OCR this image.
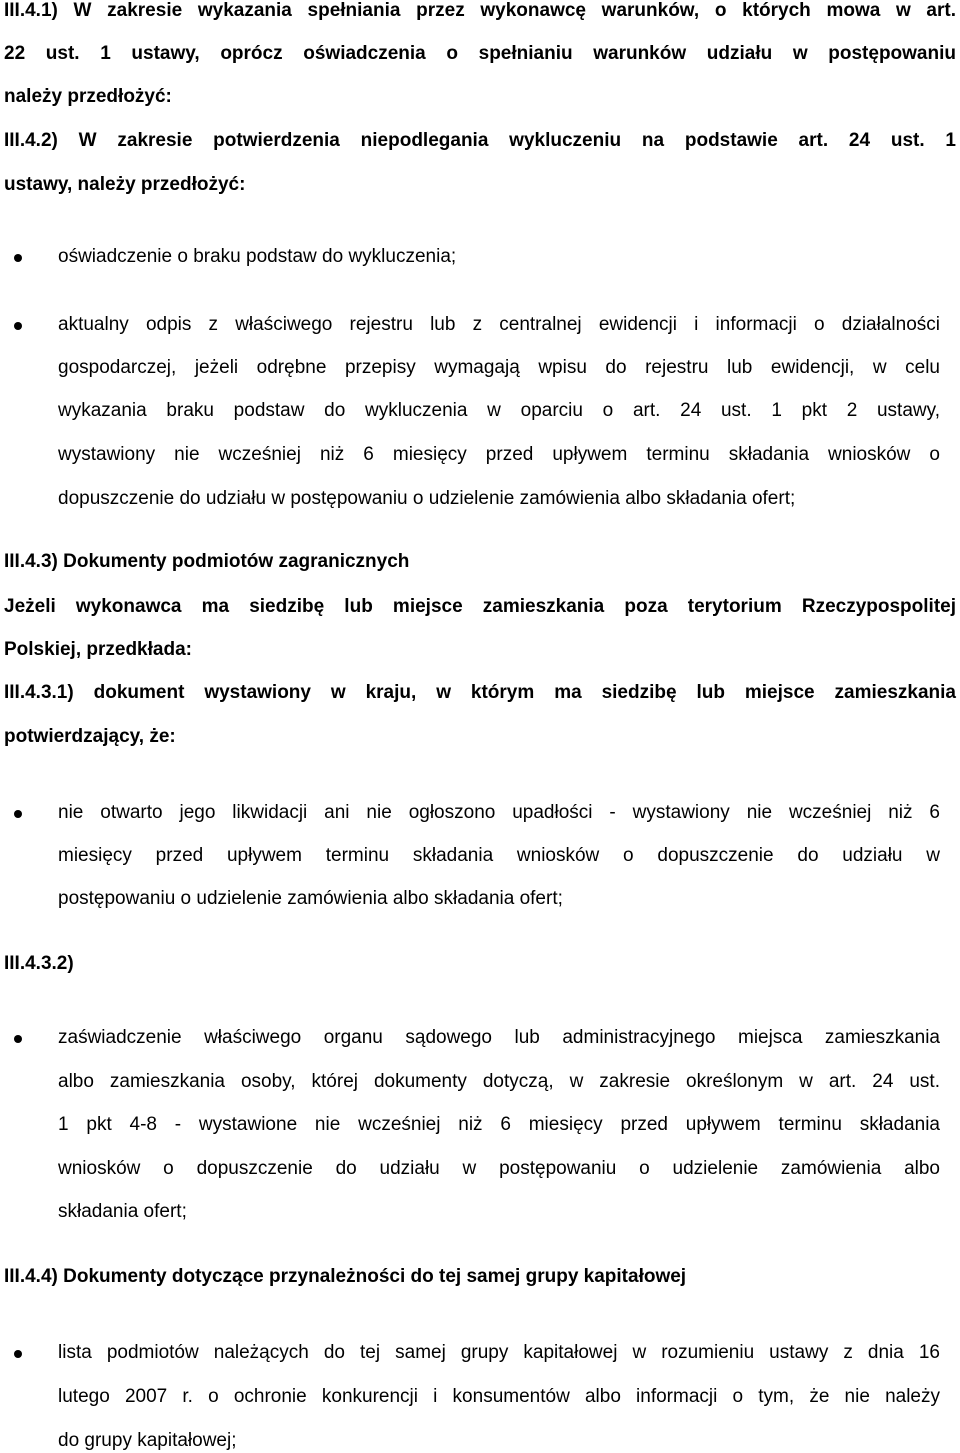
III.4.1) W zakresie wykazania spełniania przez wykonawcę warunków, o których mowa w art.
22 ust. 1 ustawy, oprócz oświadczenia o spełnianiu warunków udziału w postępowaniu
należy przedłożyć:
III.4.2) W zakresie potwierdzenia niepodlegania wykluczeniu na podstawie art. 24 ust. 1
ustawy, należy przedłożyć:
oświadczenie o braku podstaw do wykluczenia;
aktualny odpis z właściwego rejestru lub z centralnej ewidencji i informacji o działalności
gospodarczej, jeżeli odrębne przepisy wymagają wpisu do rejestru lub ewidencji, w celu
wykazania braku podstaw do wykluczenia w oparciu o art. 24 ust. 1 pkt 2 ustawy,
wystawiony nie wcześniej niż 6 miesięcy przed upływem terminu składania wniosków o
dopuszczenie do udziału w postępowaniu o udzielenie zamówienia albo składania ofert;
III.4.3) Dokumenty podmiotów zagranicznych
Jeżeli wykonawca ma siedzibę lub miejsce zamieszkania poza terytorium Rzeczypospolitej
Polskiej, przedkłada:
III.4.3.1) dokument wystawiony w kraju, w którym ma siedzibę lub miejsce zamieszkania
potwierdzający, że:
nie otwarto jego likwidacji ani nie ogłoszono upadłości - wystawiony nie wcześniej niż 6
miesięcy przed upływem terminu składania wniosków o dopuszczenie do udziału w
postępowaniu o udzielenie zamówienia albo składania ofert;
III.4.3.2)
zaświadczenie właściwego organu sądowego lub administracyjnego miejsca zamieszkania
albo zamieszkania osoby, której dokumenty dotyczą, w zakresie określonym w art. 24 ust.
1 pkt 4-8 - wystawione nie wcześniej niż 6 miesięcy przed upływem terminu składania
wniosków o dopuszczenie do udziału w postępowaniu o udzielenie zamówienia albo
składania ofert;
III.4.4) Dokumenty dotyczące przynależności do tej samej grupy kapitałowej
lista podmiotów należących do tej samej grupy kapitałowej w rozumieniu ustawy z dnia 16
lutego 2007 r. o ochronie konkurencji i konsumentów albo informacji o tym, że nie należy
do grupy kapitałowej;
